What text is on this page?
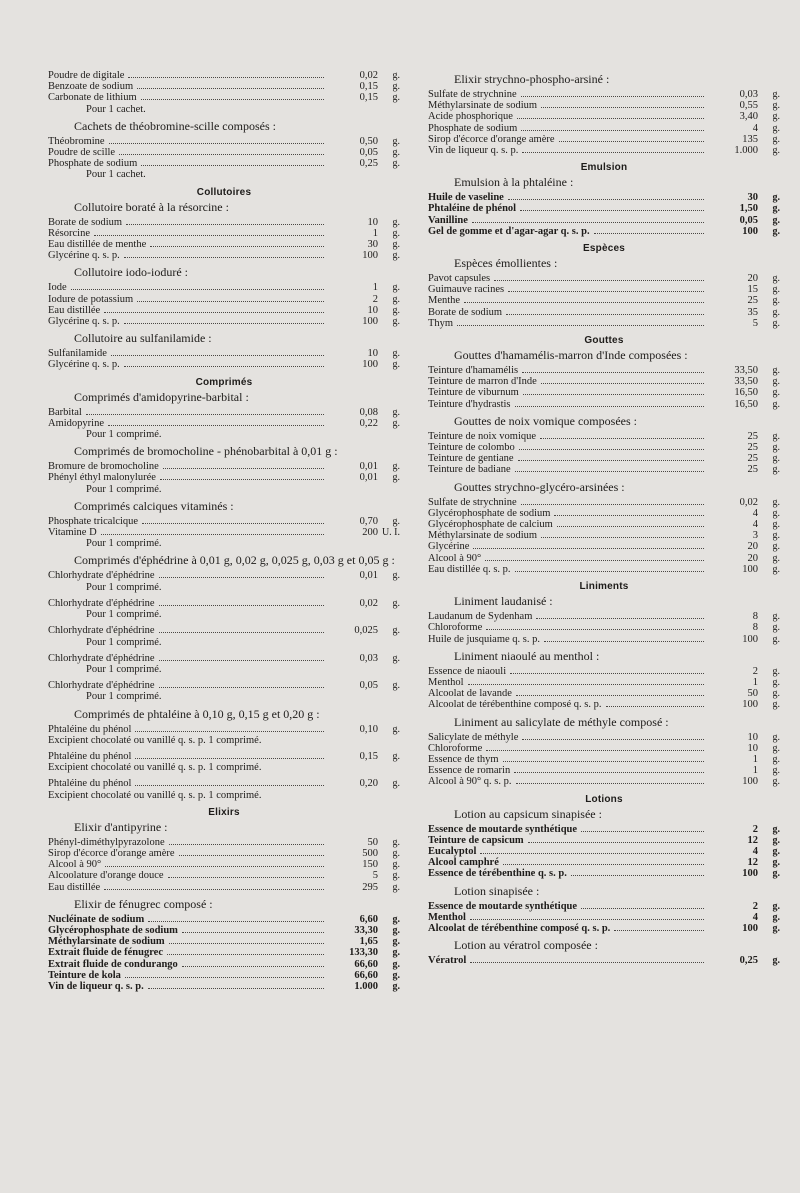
Poudre de digitale	0,02	g.
Benzoate de sodium	0,15	g.
Carbonate de lithium	0,15	g.
Pour 1 cachet.
Cachets de théobromine-scille composés :
Théobromine	0,50	g.
Poudre de scille	0,05	g.
Phosphate de sodium	0,25	g.
Pour 1 cachet.
Collutoires
Collutoire boraté à la résorcine :
Borate de sodium	10	g.
Résorcine	1	g.
Eau distillée de menthe	30	g.
Glycérine q. s. p.	100	g.
Collutoire iodo-ioduré :
Iode	1	g.
Iodure de potassium	2	g.
Eau distillée	10	g.
Glycérine q. s. p.	100	g.
Collutoire au sulfanilamide :
Sulfanilamide	10	g.
Glycérine q. s. p.	100	g.
Comprimés
Comprimés d'amidopyrine-barbital :
Barbital	0,08	g.
Amidopyrine	0,22	g.
Pour 1 comprimé.
Comprimés de bromocholine - phénobarbital à 0,01 g :
Bromure de bromocholine	0,01	g.
Phényl éthyl malonylurée	0,01	g.
Pour 1 comprimé.
Comprimés calciques vitaminés :
Phosphate tricalcique	0,70	g.
Vitamine D	200 U. I.
Pour 1 comprimé.
Comprimés d'éphédrine à 0,01 g, 0,02 g, 0,025 g, 0,03 g et 0,05 g :
Chlorhydrate d'éphédrine	0,01	g.
Pour 1 comprimé.
Chlorhydrate d'éphédrine	0,02	g.
Pour 1 comprimé.
Chlorhydrate d'éphédrine	0,025	g.
Pour 1 comprimé.
Chlorhydrate d'éphédrine	0,03	g.
Pour 1 comprimé.
Chlorhydrate d'éphédrine	0,05	g.
Pour 1 comprimé.
Comprimés de phtaléine à 0,10 g, 0,15 g et 0,20 g :
Phtaléine du phénol	0,10	g.
Excipient chocolaté ou vanillé q. s. p. 1 comprimé.
Phtaléine du phénol	0,15	g.
Excipient chocolaté ou vanillé q. s. p. 1 comprimé.
Phtaléine du phénol	0,20	g.
Excipient chocolaté ou vanillé q. s. p. 1 comprimé.
Elixirs
Elixir d'antipyrine :
Phényl-diméthylpyrazolone	50	g.
Sirop d'écorce d'orange amère	500	g.
Alcool à 90°	150	g.
Alcoolature d'orange douce	5	g.
Eau distillée	295	g.
Elixir de fénugrec composé :
Nucléinate de sodium	6,60	g.
Glycérophosphate de sodium	33,30	g.
Méthylarsinate de sodium	1,65	g.
Extrait fluide de fénugrec	133,30	g.
Extrait fluide de condurango	66,60	g.
Teinture de kola	66,60	g.
Vin de liqueur q. s. p.	1.000	g.
Elixir strychno-phospho-arsiné :
Sulfate de strychnine	0,03	g.
Méthylarsinate de sodium	0,55	g.
Acide phosphorique	3,40	g.
Phosphate de sodium	4	g.
Sirop d'écorce d'orange amère	135	g.
Vin de liqueur q. s. p.	1.000	g.
Emulsion
Emulsion à la phtaléine :
Huile de vaseline	30	g.
Phtaléine de phénol	1,50	g.
Vanilline	0,05	g.
Gel de gomme et d'agar-agar q. s. p.	100	g.
Espèces
Espèces émollientes :
Pavot capsules	20	g.
Guimauve racines	15	g.
Menthe	25	g.
Borate de sodium	35	g.
Thym	5	g.
Gouttes
Gouttes d'hamamélis-marron d'Inde composées :
Teinture d'hamamélis	33,50	g.
Teinture de marron d'Inde	33,50	g.
Teinture de viburnum	16,50	g.
Teinture d'hydrastis	16,50	g.
Gouttes de noix vomique composées :
Teinture de noix vomique	25	g.
Teinture de colombo	25	g.
Teinture de gentiane	25	g.
Teinture de badiane	25	g.
Gouttes strychno-glycéro-arsinées :
Sulfate de strychnine	0,02	g.
Glycérophosphate de sodium	4	g.
Glycérophosphate de calcium	4	g.
Méthylarsinate de sodium	3	g.
Glycérine	20	g.
Alcool à 90°	20	g.
Eau distillée q. s. p.	100	g.
Liniments
Liniment laudanisé :
Laudanum de Sydenham	8	g.
Chloroforme	8	g.
Huile de jusquiame q. s. p.	100	g.
Liniment niaoulé au menthol :
Essence de niaouli	2	g.
Menthol	1	g.
Alcoolat de lavande	50	g.
Alcoolat de térébenthine composé q. s. p.	100	g.
Liniment au salicylate de méthyle composé :
Salicylate de méthyle	10	g.
Chloroforme	10	g.
Essence de thym	1	g.
Essence de romarin	1	g.
Alcool à 90° q. s. p.	100	g.
Lotions
Lotion au capsicum sinapisée :
Essence de moutarde synthétique	2	g.
Teinture de capsicum	12	g.
Eucalyptol	4	g.
Alcool camphré	12	g.
Essence de térébenthine q. s. p.	100	g.
Lotion sinapisée :
Essence de moutarde synthétique	2	g.
Menthol	4	g.
Alcoolat de térébenthine composé q. s. p.	100	g.
Lotion au vératrol composée :
Vératrol	0,25	g.
